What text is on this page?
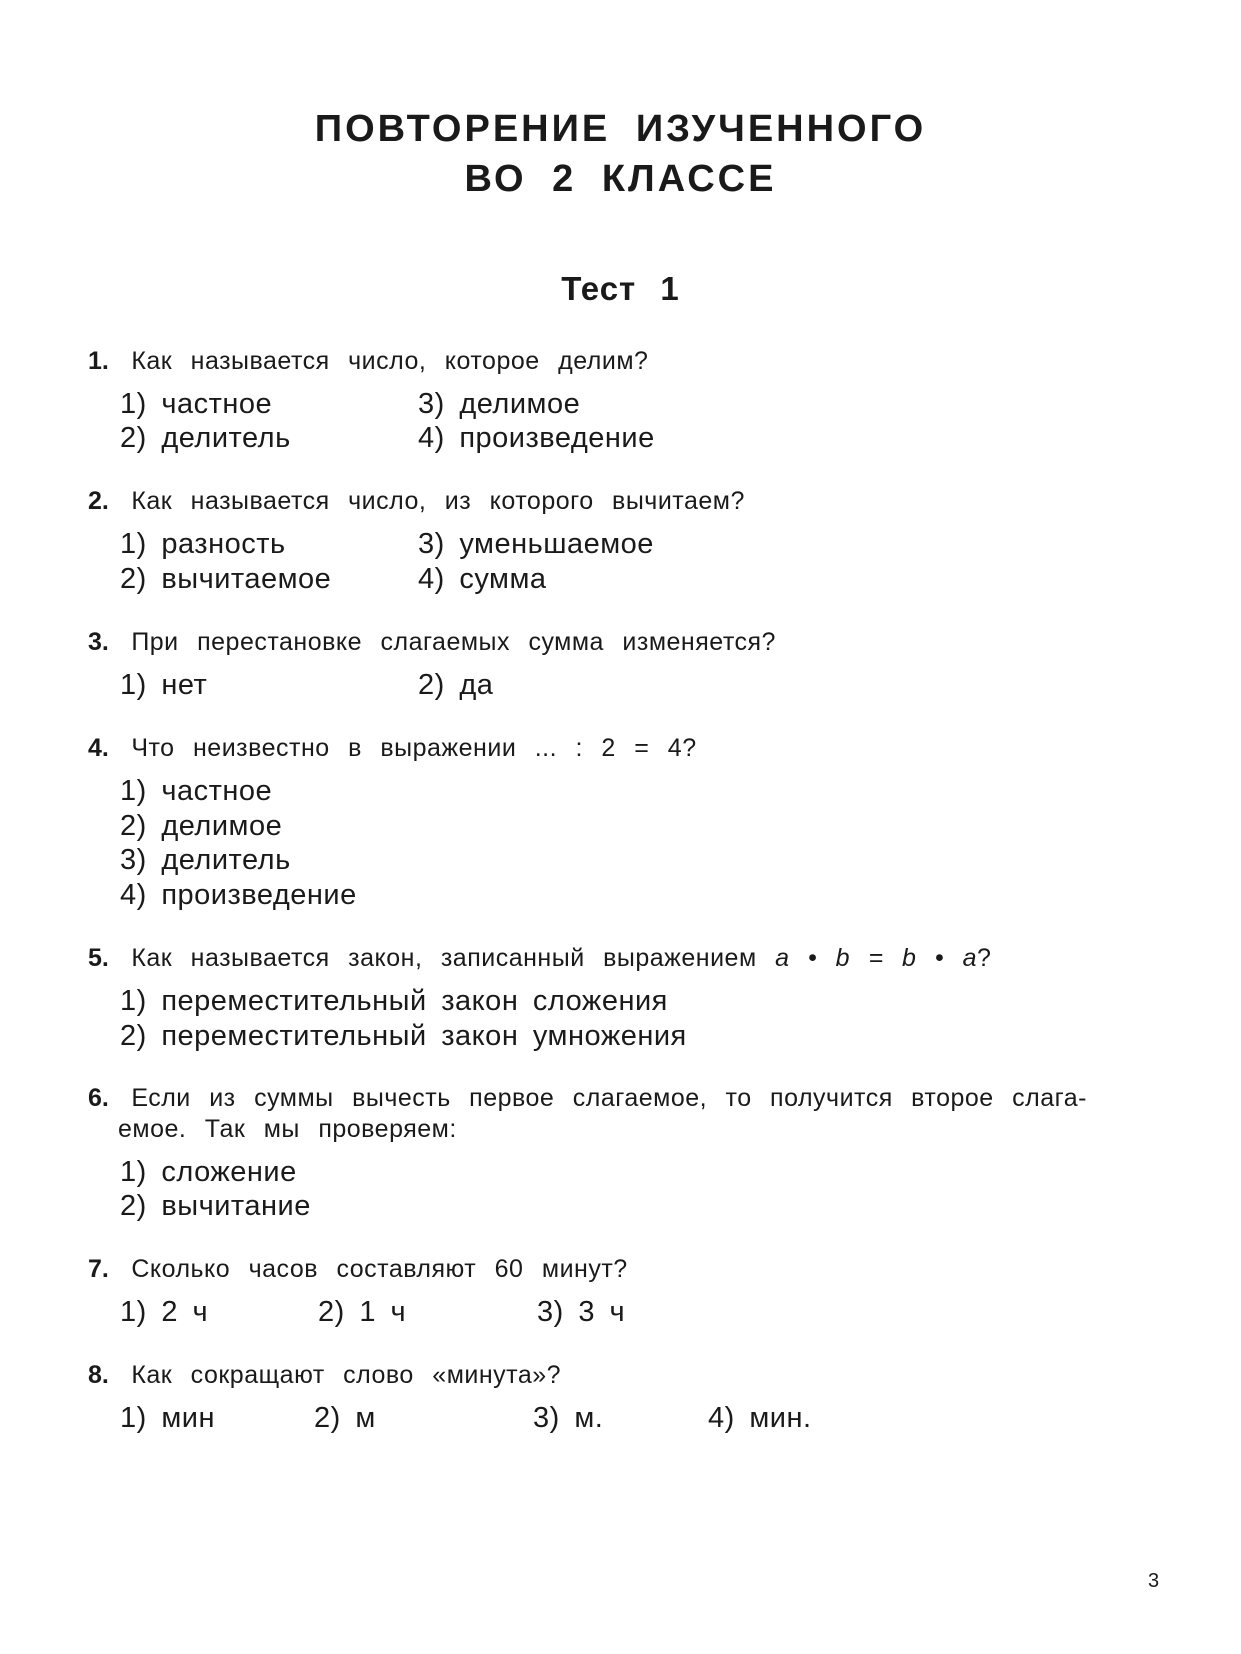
ПОВТОРЕНИЕ ИЗУЧЕННОГО
ВО 2 КЛАССЕ
Тест 1
1. Как называется число, которое делим?
1) частное	3) делимое
2) делитель	4) произведение
2. Как называется число, из которого вычитаем?
1) разность	3) уменьшаемое
2) вычитаемое	4) сумма
3. При перестановке слагаемых сумма изменяется?
1) нет	2) да
4. Что неизвестно в выражении ... : 2 = 4?
1) частное
2) делимое
3) делитель
4) произведение
5. Как называется закон, записанный выражением a • b = b • a?
1) переместительный закон сложения
2) переместительный закон умножения
6. Если из суммы вычесть первое слагаемое, то получится второе слага-
емое. Так мы проверяем:
1) сложение
2) вычитание
7. Сколько часов составляют 60 минут?
1) 2 ч	2) 1 ч	3) 3 ч
8. Как сокращают слово «минута»?
1) мин	2) м	3) м.	4) мин.
3
